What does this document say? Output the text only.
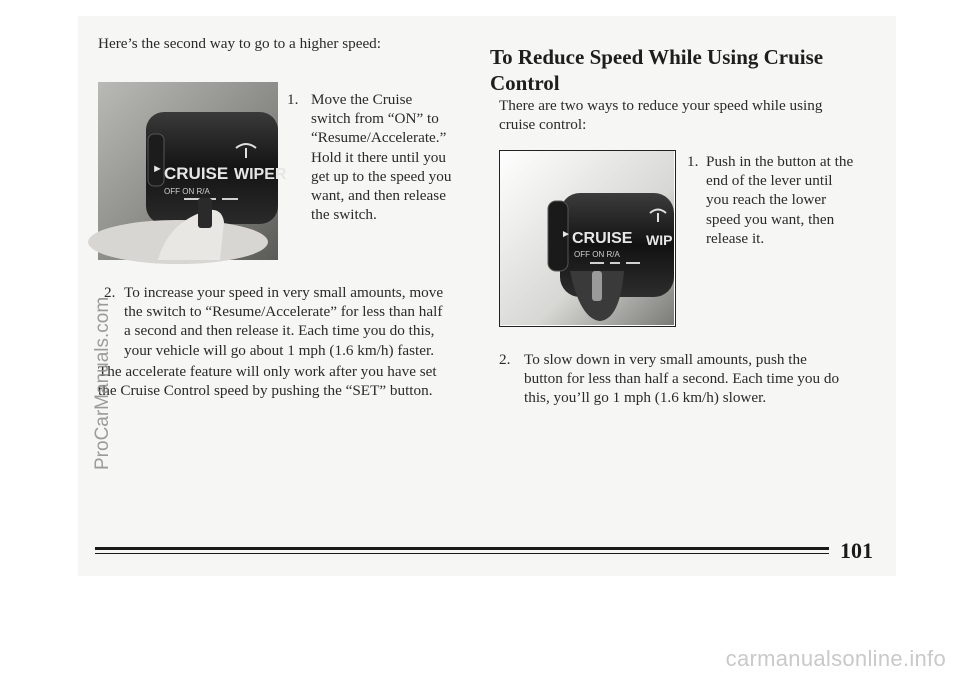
Here’s the second way to go to a higher speed:

CRUISE
►
OFF ON R/A
WIPER
1. Move the Cruise
switch from “ON” to
“Resume/Accelerate.”
Hold it there until you
get up to the speed you
want, and then release
the switch.
2. To increase your speed in very small amounts, move
the switch to “Resume/Accelerate” for less than half
a second and then release it. Each time you do this,
your vehicle will go about 1 mph (1.6 km/h) faster.
The accelerate feature will only work after you have set
the Cruise Control speed by pushing the “SET” button.
To Reduce Speed While Using Cruise
Control
There are two ways to reduce your speed while using
cruise control:
CRUISE
►
OFF ON R/A
WIP
1. Push in the button at the
end of the lever until
you reach the lower
speed you want, then
release it.
2. To slow down in very small amounts, push the
button for less than half a second. Each time you do
this, you’ll go 1 mph (1.6 km/h) slower.
101
ProCarManuals.com
carmanualsonline.info
